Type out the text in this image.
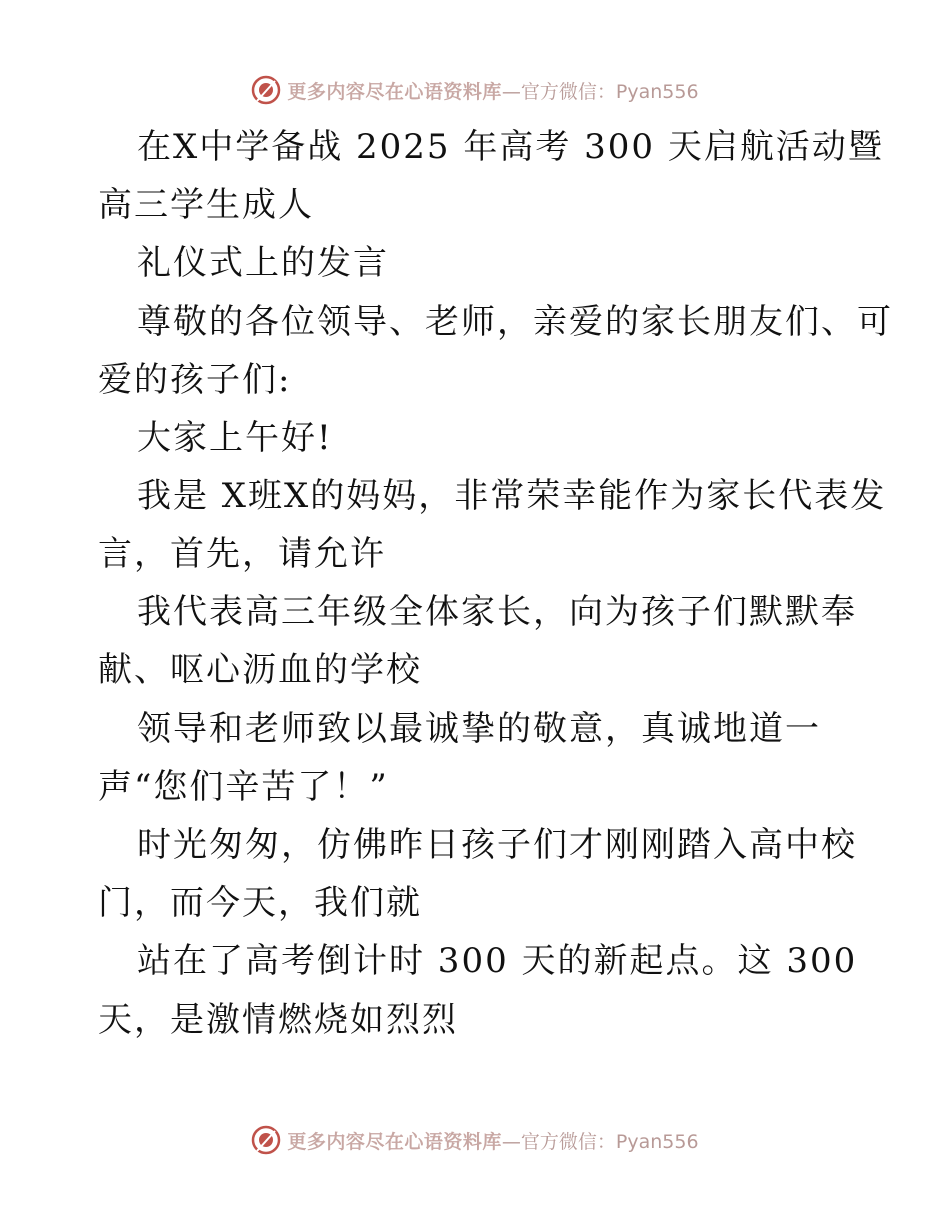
更多内容尽在心语资料库 —官方微信：Pyan556
在X中学备战 2025 年高考 300 天启航活动暨
高三学生成人
礼仪式上的发言
尊敬的各位领导、老师，亲爱的家长朋友们、可
爱的孩子们:
大家上午好!
我是 X班X的妈妈，非常荣幸能作为家长代表发
言，首先，请允许
我代表高三年级全体家长，向为孩子们默默奉
献、呕心沥血的学校
领导和老师致以最诚挚的敬意，真诚地道一
声“您们辛苦了！”
时光匆匆，仿佛昨日孩子们才刚刚踏入高中校
门，而今天，我们就
站在了高考倒计时 300 天的新起点。这 300
天，是激情燃烧如烈烈
更多内容尽在心语资料库 —官方微信：Pyan556
